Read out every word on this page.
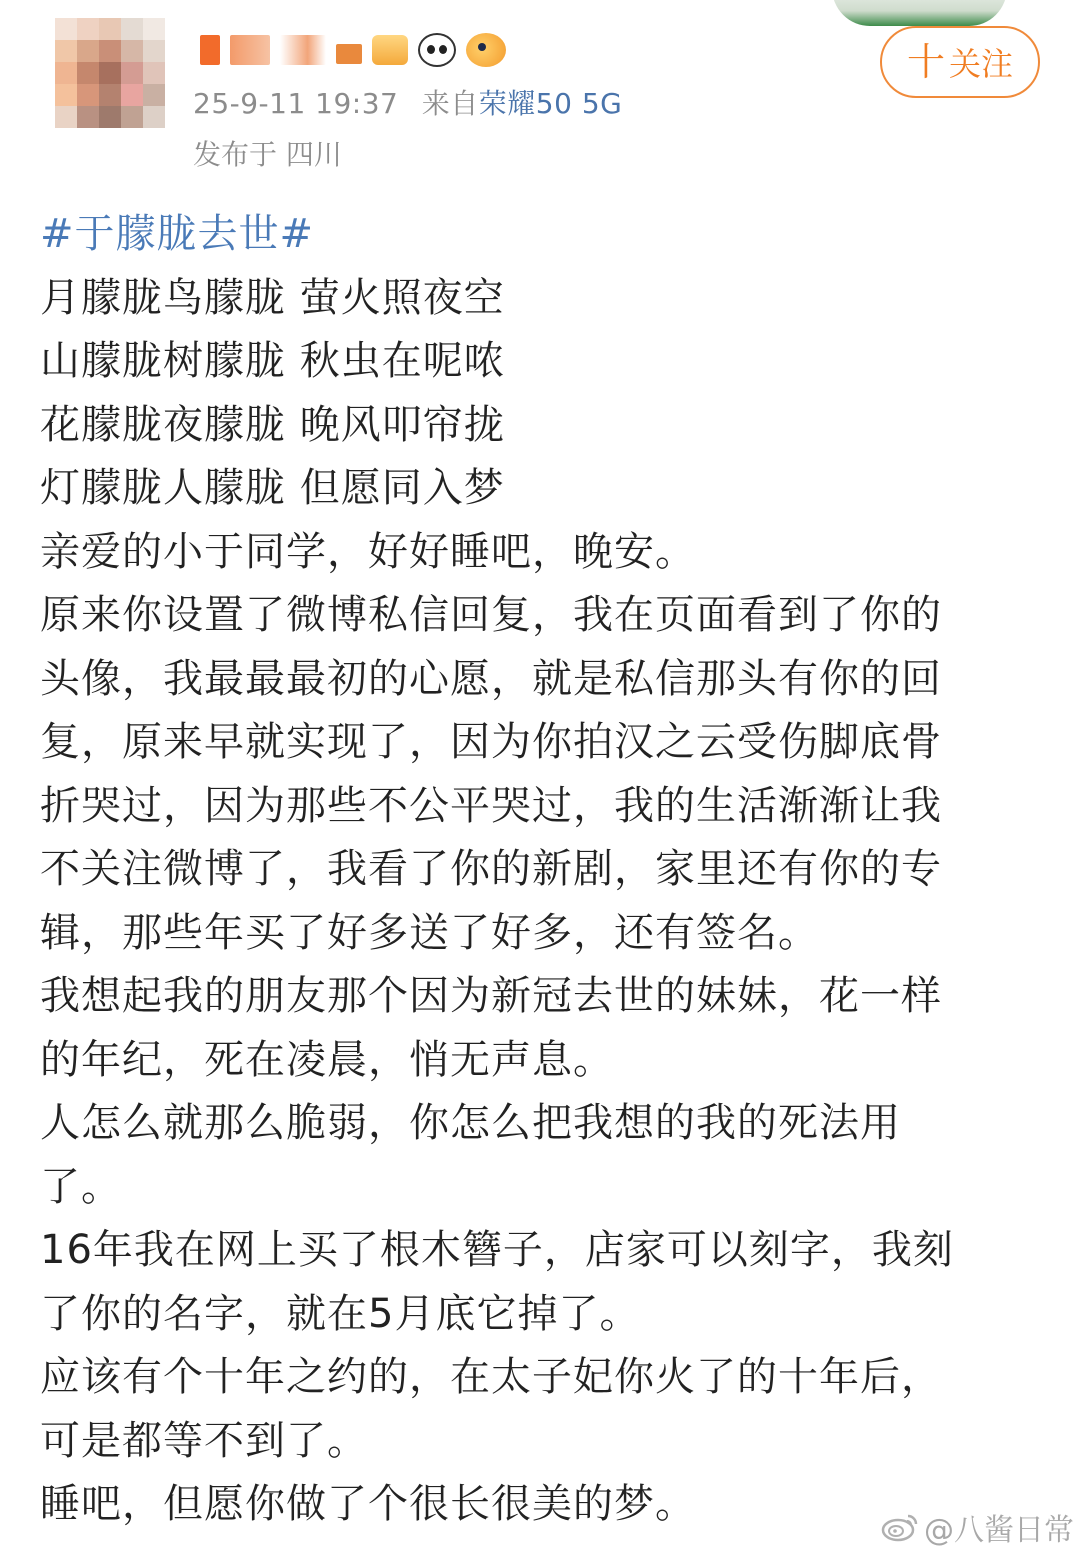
25-9-11 19:37 来自荣耀50 5G
发布于 四川
十 关注
#于朦胧去世#
月朦胧鸟朦胧 萤火照夜空
山朦胧树朦胧 秋虫在呢哝
花朦胧夜朦胧 晚风叩帘拢
灯朦胧人朦胧 但愿同入梦
亲爱的小于同学，好好睡吧，晚安。
原来你设置了微博私信回复，我在页面看到了你的
头像，我最最最初的心愿，就是私信那头有你的回
复，原来早就实现了，因为你拍汉之云受伤脚底骨
折哭过，因为那些不公平哭过，我的生活渐渐让我
不关注微博了，我看了你的新剧，家里还有你的专
辑，那些年买了好多送了好多，还有签名。
我想起我的朋友那个因为新冠去世的妹妹，花一样
的年纪，死在凌晨，悄无声息。
人怎么就那么脆弱，你怎么把我想的我的死法用
了。
16年我在网上买了根木簪子，店家可以刻字，我刻
了你的名字，就在5月底它掉了。
应该有个十年之约的，在太子妃你火了的十年后，
可是都等不到了。
睡吧，但愿你做了个很长很美的梦。
@八酱日常
